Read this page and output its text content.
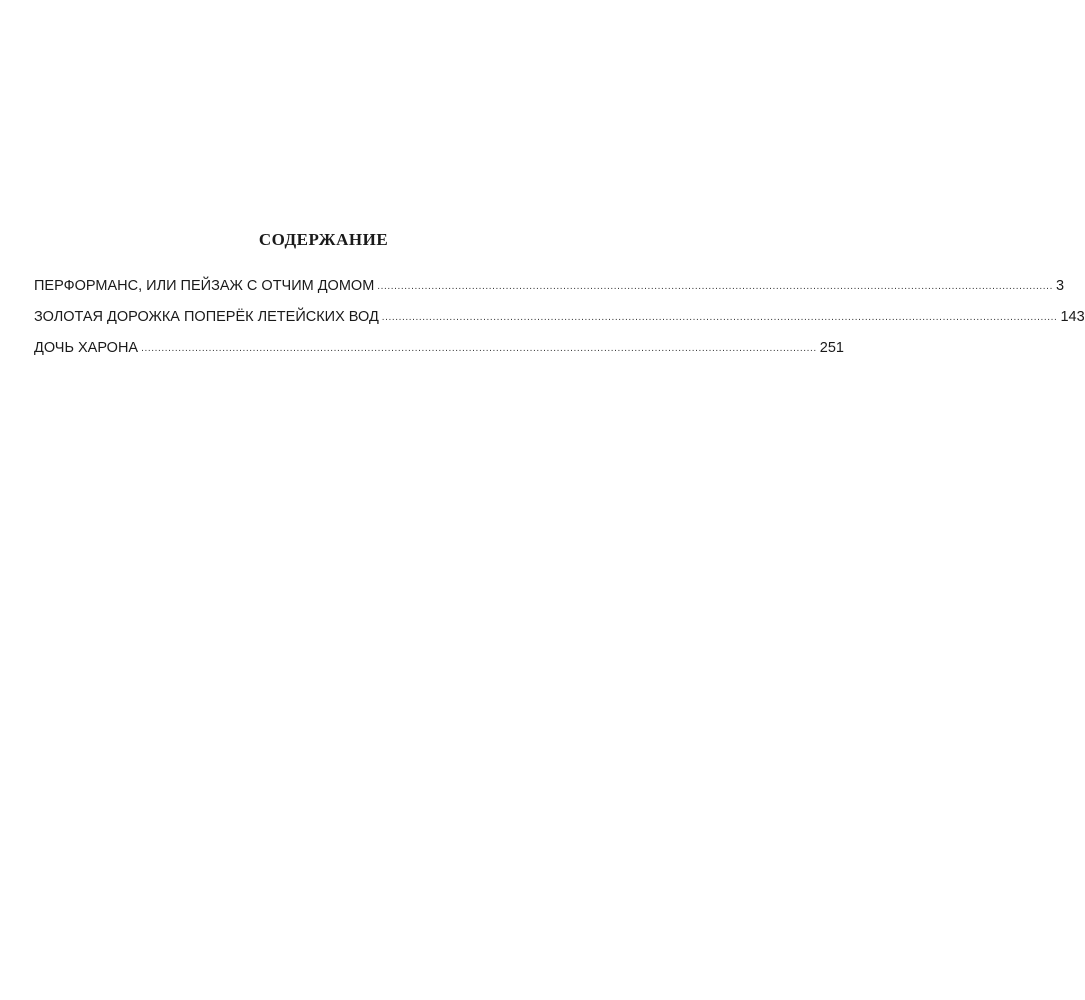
СОДЕРЖАНИЕ
ПЕРФОРМАНС, ИЛИ ПЕЙЗАЖ С ОТЧИМ ДОМОМ ........................................................................................................................................................................................................ 3
ЗОЛОТАЯ ДОРОЖКА ПОПЕРЁК ЛЕТЕЙСКИХ ВОД ........................................................................................................................................................................................................ 143
ДОЧЬ ХАРОНА ........................................................................................................................................................................................................ 251
